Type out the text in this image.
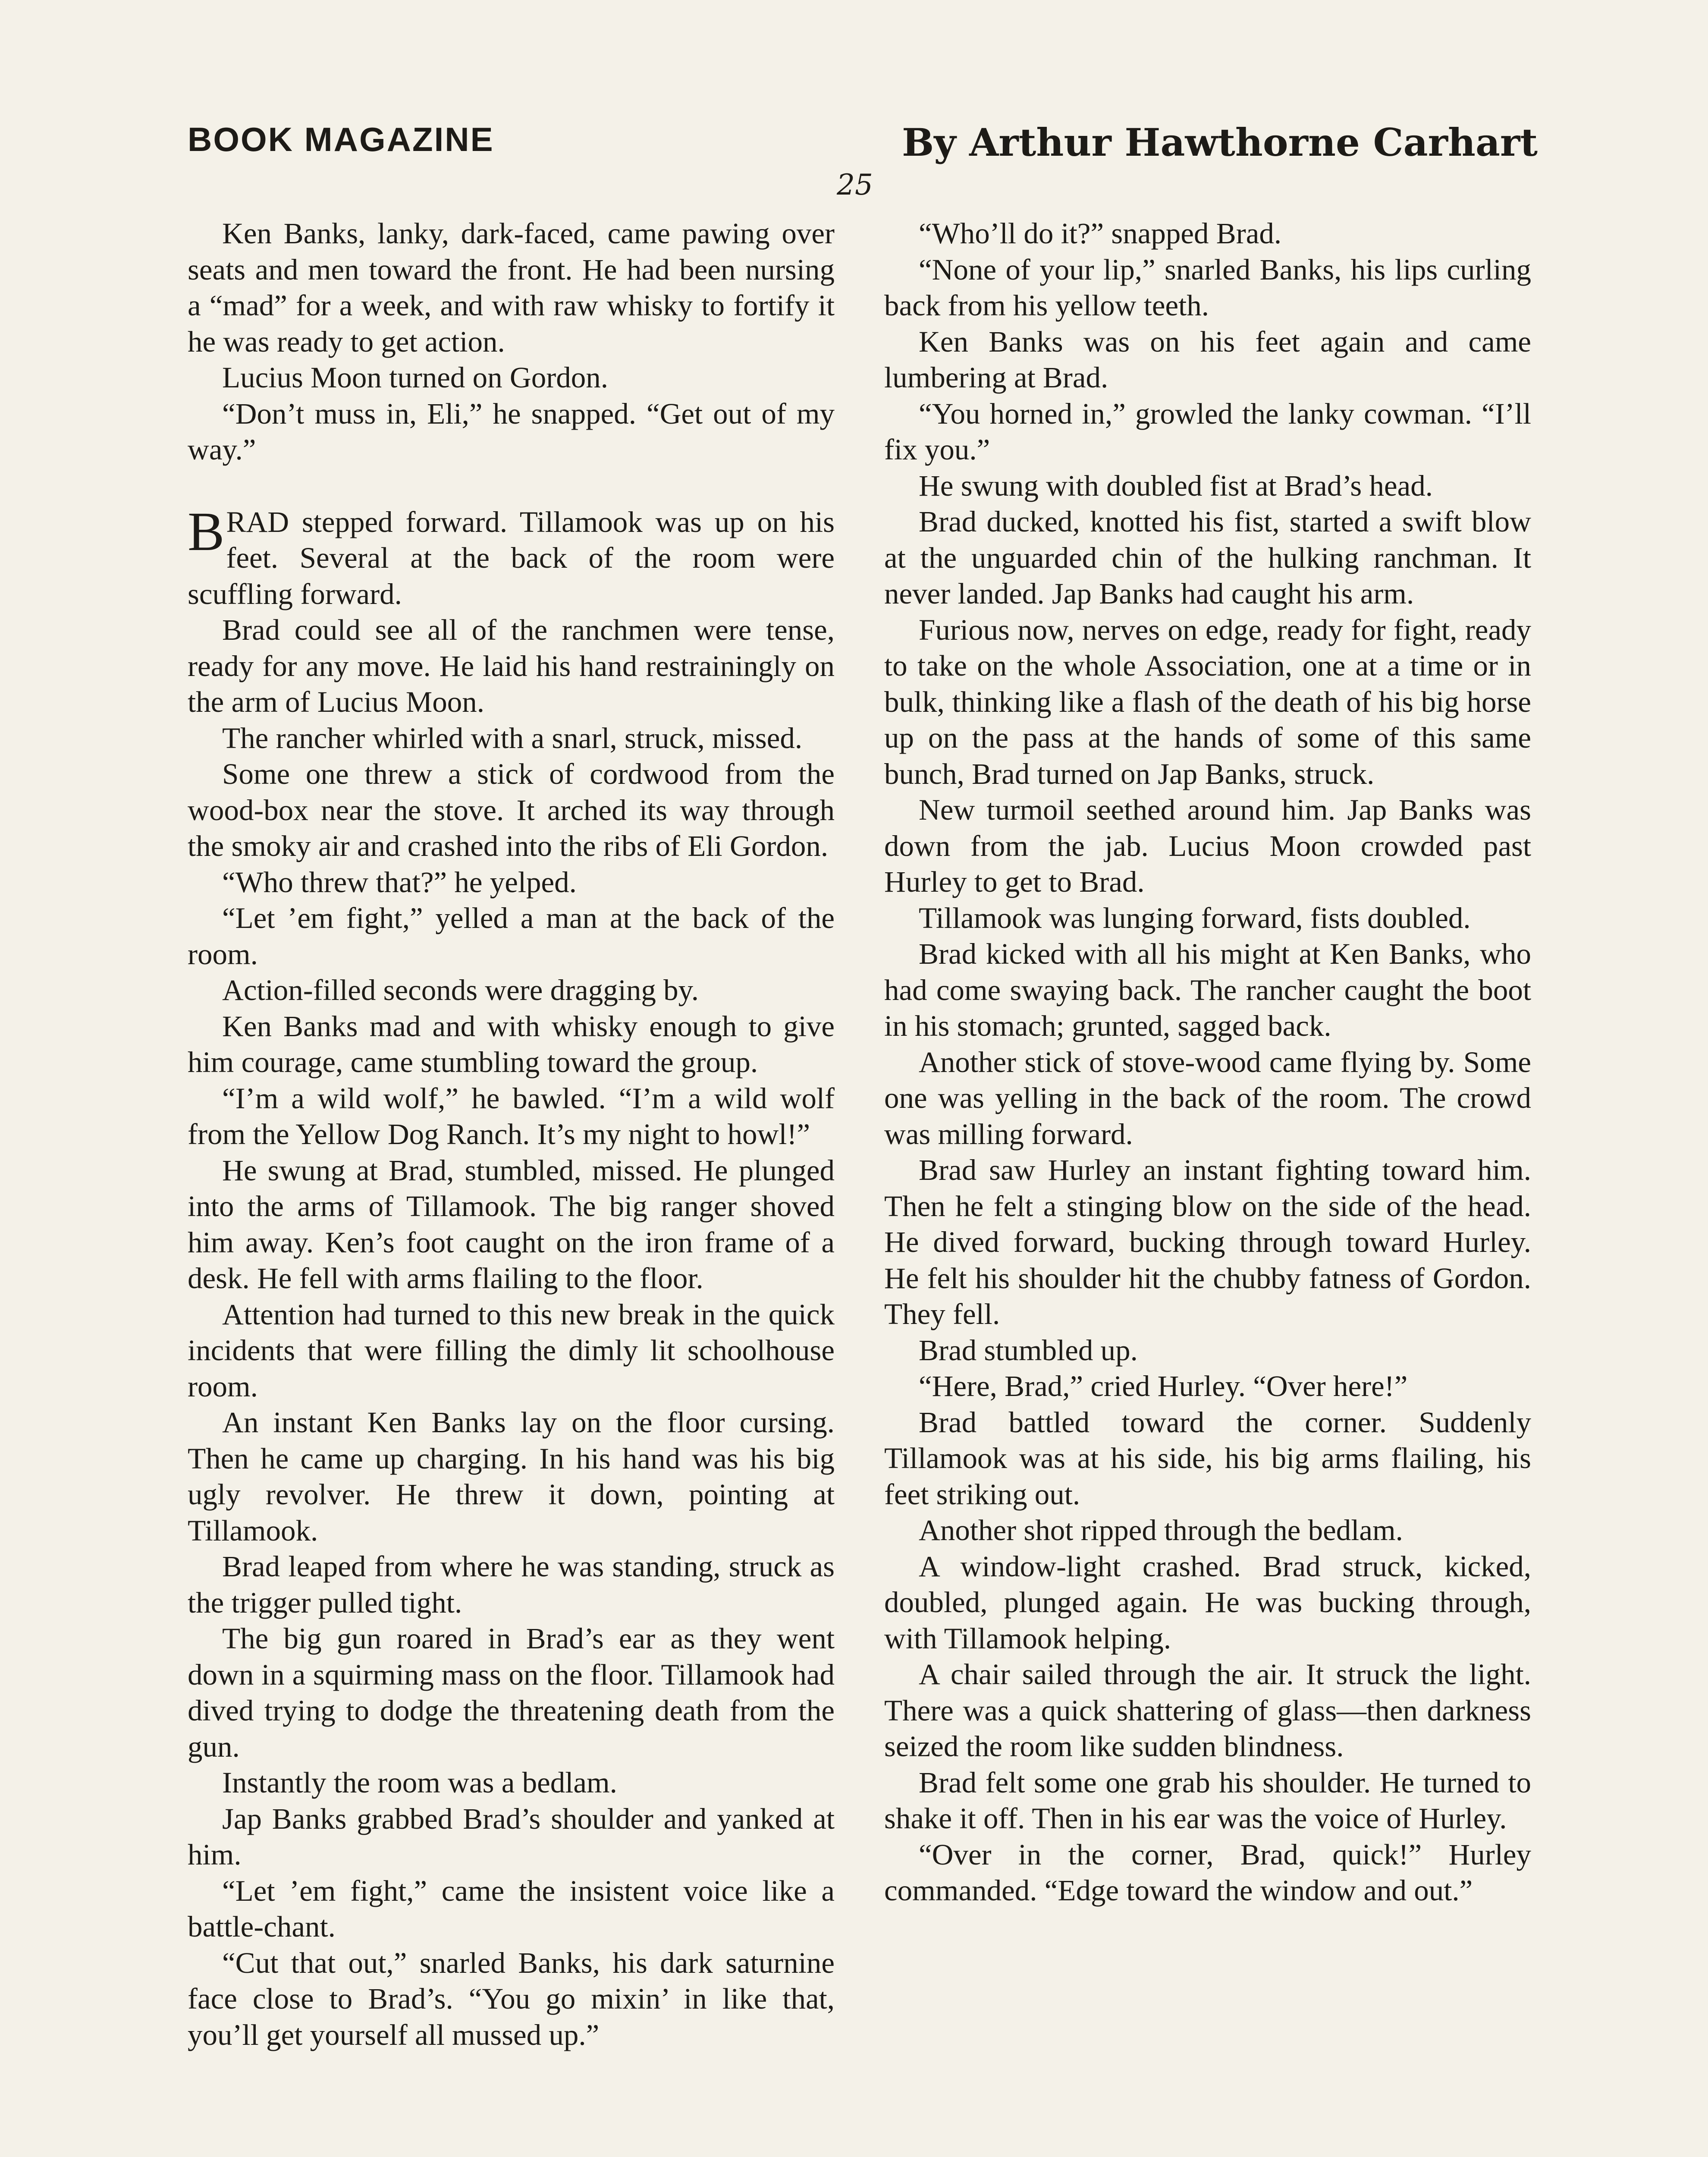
BOOK MAGAZINE	By Arthur Hawthorne Carhart
25

Ken Banks, lanky, dark-faced, came pawing over seats and men toward the front. He had been nursing a “mad” for a week, and with raw whisky to fortify it he was ready to get action.

Lucius Moon turned on Gordon.

“Don’t muss in, Eli,” he snapped. “Get out of my way.”

BRAD stepped forward. Tillamook was up on his feet. Several at the back of the room were scuffling forward.

Brad could see all of the ranchmen were tense, ready for any move. He laid his hand restrainingly on the arm of Lucius Moon.

The rancher whirled with a snarl, struck, missed.

Some one threw a stick of cordwood from the wood-box near the stove. It arched its way through the smoky air and crashed into the ribs of Eli Gordon.

“Who threw that?” he yelped.

“Let ’em fight,” yelled a man at the back of the room.

Action-filled seconds were dragging by.

Ken Banks mad and with whisky enough to give him courage, came stumbling toward the group.

“I’m a wild wolf,” he bawled. “I’m a wild wolf from the Yellow Dog Ranch. It’s my night to howl!”

He swung at Brad, stumbled, missed. He plunged into the arms of Tillamook. The big ranger shoved him away. Ken’s foot caught on the iron frame of a desk. He fell with arms flailing to the floor.

Attention had turned to this new break in the quick incidents that were filling the dimly lit schoolhouse room.

An instant Ken Banks lay on the floor cursing. Then he came up charging. In his hand was his big ugly revolver. He threw it down, pointing at Tillamook.

Brad leaped from where he was standing, struck as the trigger pulled tight.

The big gun roared in Brad’s ear as they went down in a squirming mass on the floor. Tillamook had dived trying to dodge the threatening death from the gun.

Instantly the room was a bedlam.

Jap Banks grabbed Brad’s shoulder and yanked at him.

“Let ’em fight,” came the insistent voice like a battle-chant.

“Cut that out,” snarled Banks, his dark saturnine face close to Brad’s. “You go mixin’ in like that, you’ll get yourself all mussed up.”

“Who’ll do it?” snapped Brad.

“None of your lip,” snarled Banks, his lips curling back from his yellow teeth.

Ken Banks was on his feet again and came lumbering at Brad.

“You horned in,” growled the lanky cowman. “I’ll fix you.”

He swung with doubled fist at Brad’s head.

Brad ducked, knotted his fist, started a swift blow at the unguarded chin of the hulking ranchman. It never landed. Jap Banks had caught his arm.

Furious now, nerves on edge, ready for fight, ready to take on the whole Association, one at a time or in bulk, thinking like a flash of the death of his big horse up on the pass at the hands of some of this same bunch, Brad turned on Jap Banks, struck.

New turmoil seethed around him. Jap Banks was down from the jab. Lucius Moon crowded past Hurley to get to Brad.

Tillamook was lunging forward, fists doubled.

Brad kicked with all his might at Ken Banks, who had come swaying back. The rancher caught the boot in his stomach; grunted, sagged back.

Another stick of stove-wood came flying by. Some one was yelling in the back of the room. The crowd was milling forward.

Brad saw Hurley an instant fighting toward him. Then he felt a stinging blow on the side of the head. He dived forward, bucking through toward Hurley. He felt his shoulder hit the chubby fatness of Gordon. They fell.

Brad stumbled up.

“Here, Brad,” cried Hurley. “Over here!”

Brad battled toward the corner. Suddenly Tillamook was at his side, his big arms flailing, his feet striking out.

Another shot ripped through the bedlam.

A window-light crashed. Brad struck, kicked, doubled, plunged again. He was bucking through, with Tillamook helping.

A chair sailed through the air. It struck the light. There was a quick shattering of glass—then darkness seized the room like sudden blindness.

Brad felt some one grab his shoulder. He turned to shake it off. Then in his ear was the voice of Hurley.

“Over in the corner, Brad, quick!” Hurley commanded. “Edge toward the window and out.”
